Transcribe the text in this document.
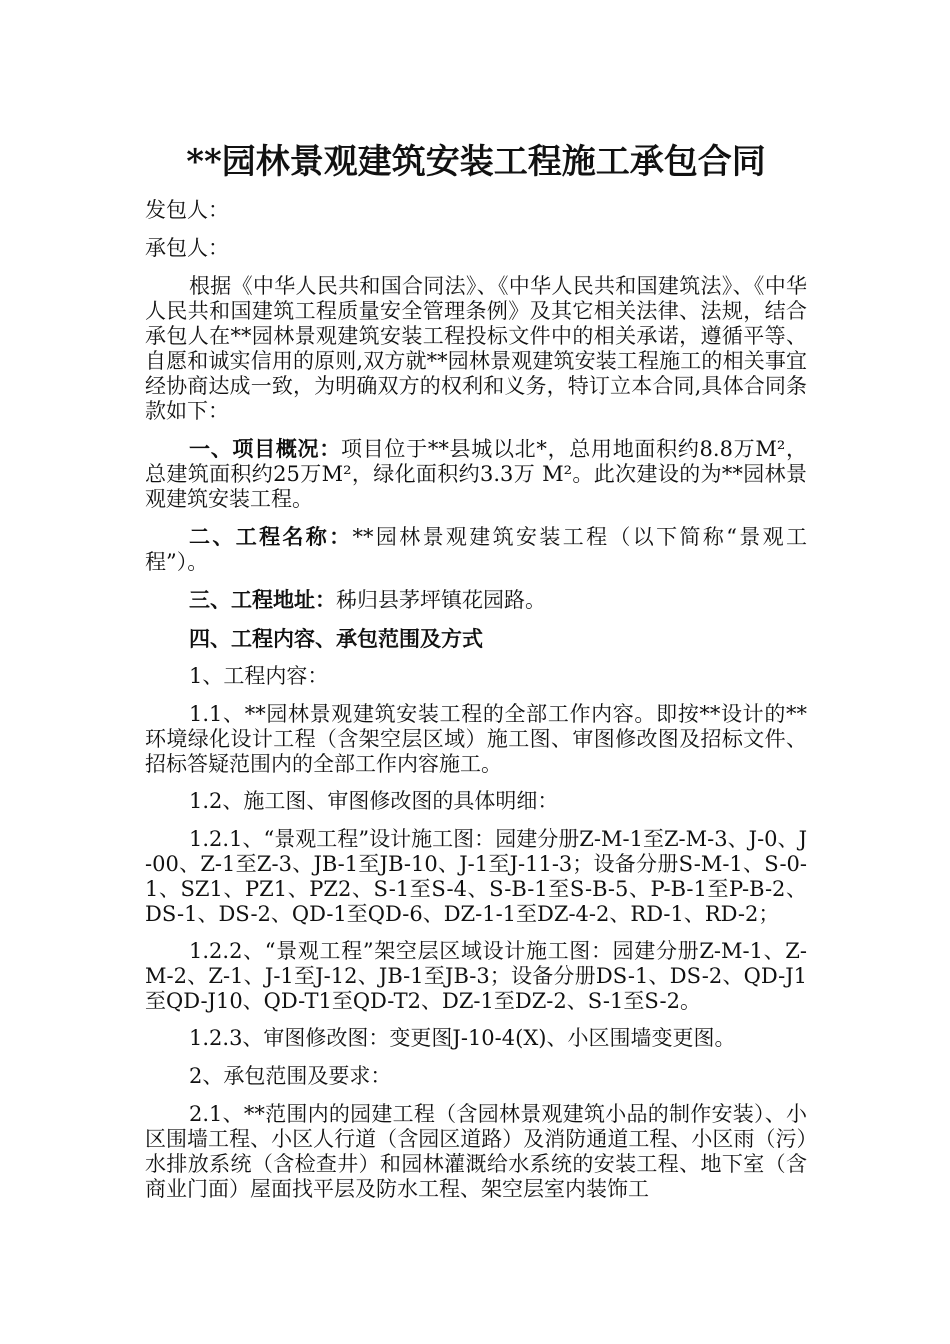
**园林景观建筑安装工程施工承包合同
发包人：
承包人：
根据《中华人民共和国合同法》、《中华人民共和国建筑法》、《中华人民共和国建筑工程质量安全管理条例》及其它相关法律、法规，结合承包人在**园林景观建筑安装工程投标文件中的相关承诺，遵循平等、自愿和诚实信用的原则,双方就**园林景观建筑安装工程施工的相关事宜经协商达成一致，为明确双方的权利和义务，特订立本合同,具体合同条款如下：
一、项目概况：项目位于**县城以北*，总用地面积约8.8万M²，总建筑面积约25万M²，绿化面积约3.3万 M²。此次建设的为**园林景观建筑安装工程。
二、工程名称：**园林景观建筑安装工程（以下简称“景观工程”）。
三、工程地址：秭归县茅坪镇花园路。
四、工程内容、承包范围及方式
1、工程内容：
1.1、**园林景观建筑安装工程的全部工作内容。即按**设计的**环境绿化设计工程（含架空层区域）施工图、审图修改图及招标文件、招标答疑范围内的全部工作内容施工。
1.2、施工图、审图修改图的具体明细：
1.2.1、“景观工程”设计施工图：园建分册Z-M-1至Z-M-3、J-0、J-00、Z-1至Z-3、JB-1至JB-10、J-1至J-11-3；设备分册S-M-1、S-0-1、SZ1、PZ1、PZ2、S-1至S-4、S-B-1至S-B-5、P-B-1至P-B-2、DS-1、DS-2、QD-1至QD-6、DZ-1-1至DZ-4-2、RD-1、RD-2；
1.2.2、“景观工程”架空层区域设计施工图：园建分册Z-M-1、Z-M-2、Z-1、J-1至J-12、JB-1至JB-3；设备分册DS-1、DS-2、QD-J1至QD-J10、QD-T1至QD-T2、DZ-1至DZ-2、S-1至S-2。
1.2.3、审图修改图：变更图J-10-4(X)、小区围墙变更图。
2、承包范围及要求：
2.1、**范围内的园建工程（含园林景观建筑小品的制作安装）、小区围墙工程、小区人行道（含园区道路）及消防通道工程、小区雨（污）水排放系统（含检查井）和园林灌溉给水系统的安装工程、地下室（含商业门面）屋面找平层及防水工程、架空层室内装饰工
